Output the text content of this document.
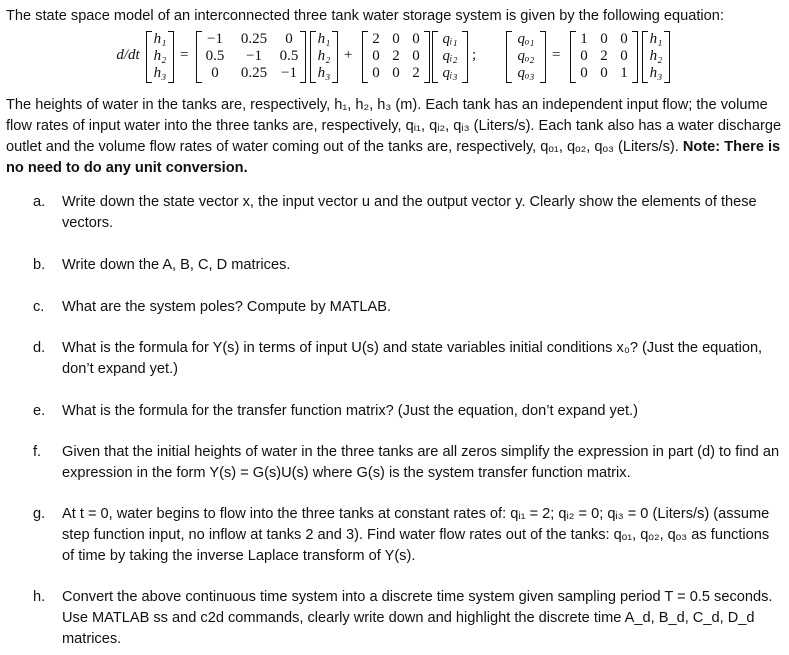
The state space model of an interconnected three tank water storage system is given by the following equation:

d/dt
h₁
h₂
h₃
=
−1	0.25	0
0.5	−1	0.5
0	0.25 −1
h₁
h₂
h₃
+
2 0 0
0 2 0
0 0 2
qᵢ₁
qᵢ₂
qᵢ₃
;
qₒ₁
qₒ₂
qₒ₃
=
1 0 0
0 2 0
0 0 1
h₁
h₂
h₃

The heights of water in the tanks are, respectively, h₁, h₂, h₃ (m). Each tank has an independent input flow; the volume flow rates of input water into the three tanks are, respectively, qᵢ₁, qᵢ₂, qᵢ₃ (Liters/s). Each tank also has a water discharge outlet and the volume flow rates of water coming out of the tanks are, respectively, qₒ₁, qₒ₂, qₒ₃ (Liters/s). Note: There is no need to do any unit conversion.

a.	Write down the state vector x, the input vector u and the output vector y. Clearly show the elements of these vectors.
b.	Write down the A, B, C, D matrices.
c.	What are the system poles? Compute by MATLAB.
d.	What is the formula for Y(s) in terms of input U(s) and state variables initial conditions x₀? (Just the equation, don’t expand yet.)
e.	What is the formula for the transfer function matrix? (Just the equation, don’t expand yet.)
f.	Given that the initial heights of water in the three tanks are all zeros simplify the expression in part (d) to find an expression in the form Y(s) = G(s)U(s) where G(s) is the system transfer function matrix.
g.	At t = 0, water begins to flow into the three tanks at constant rates of: qᵢ₁ = 2; qᵢ₂ = 0; qᵢ₃ = 0 (Liters/s) (assume step function input, no inflow at tanks 2 and 3). Find water flow rates out of the tanks: qₒ₁, qₒ₂, qₒ₃ as functions of time by taking the inverse Laplace transform of Y(s).
h.	Convert the above continuous time system into a discrete time system given sampling period T = 0.5 seconds. Use MATLAB ss and c2d commands, clearly write down and highlight the discrete time A_d, B_d, C_d, D_d matrices.
